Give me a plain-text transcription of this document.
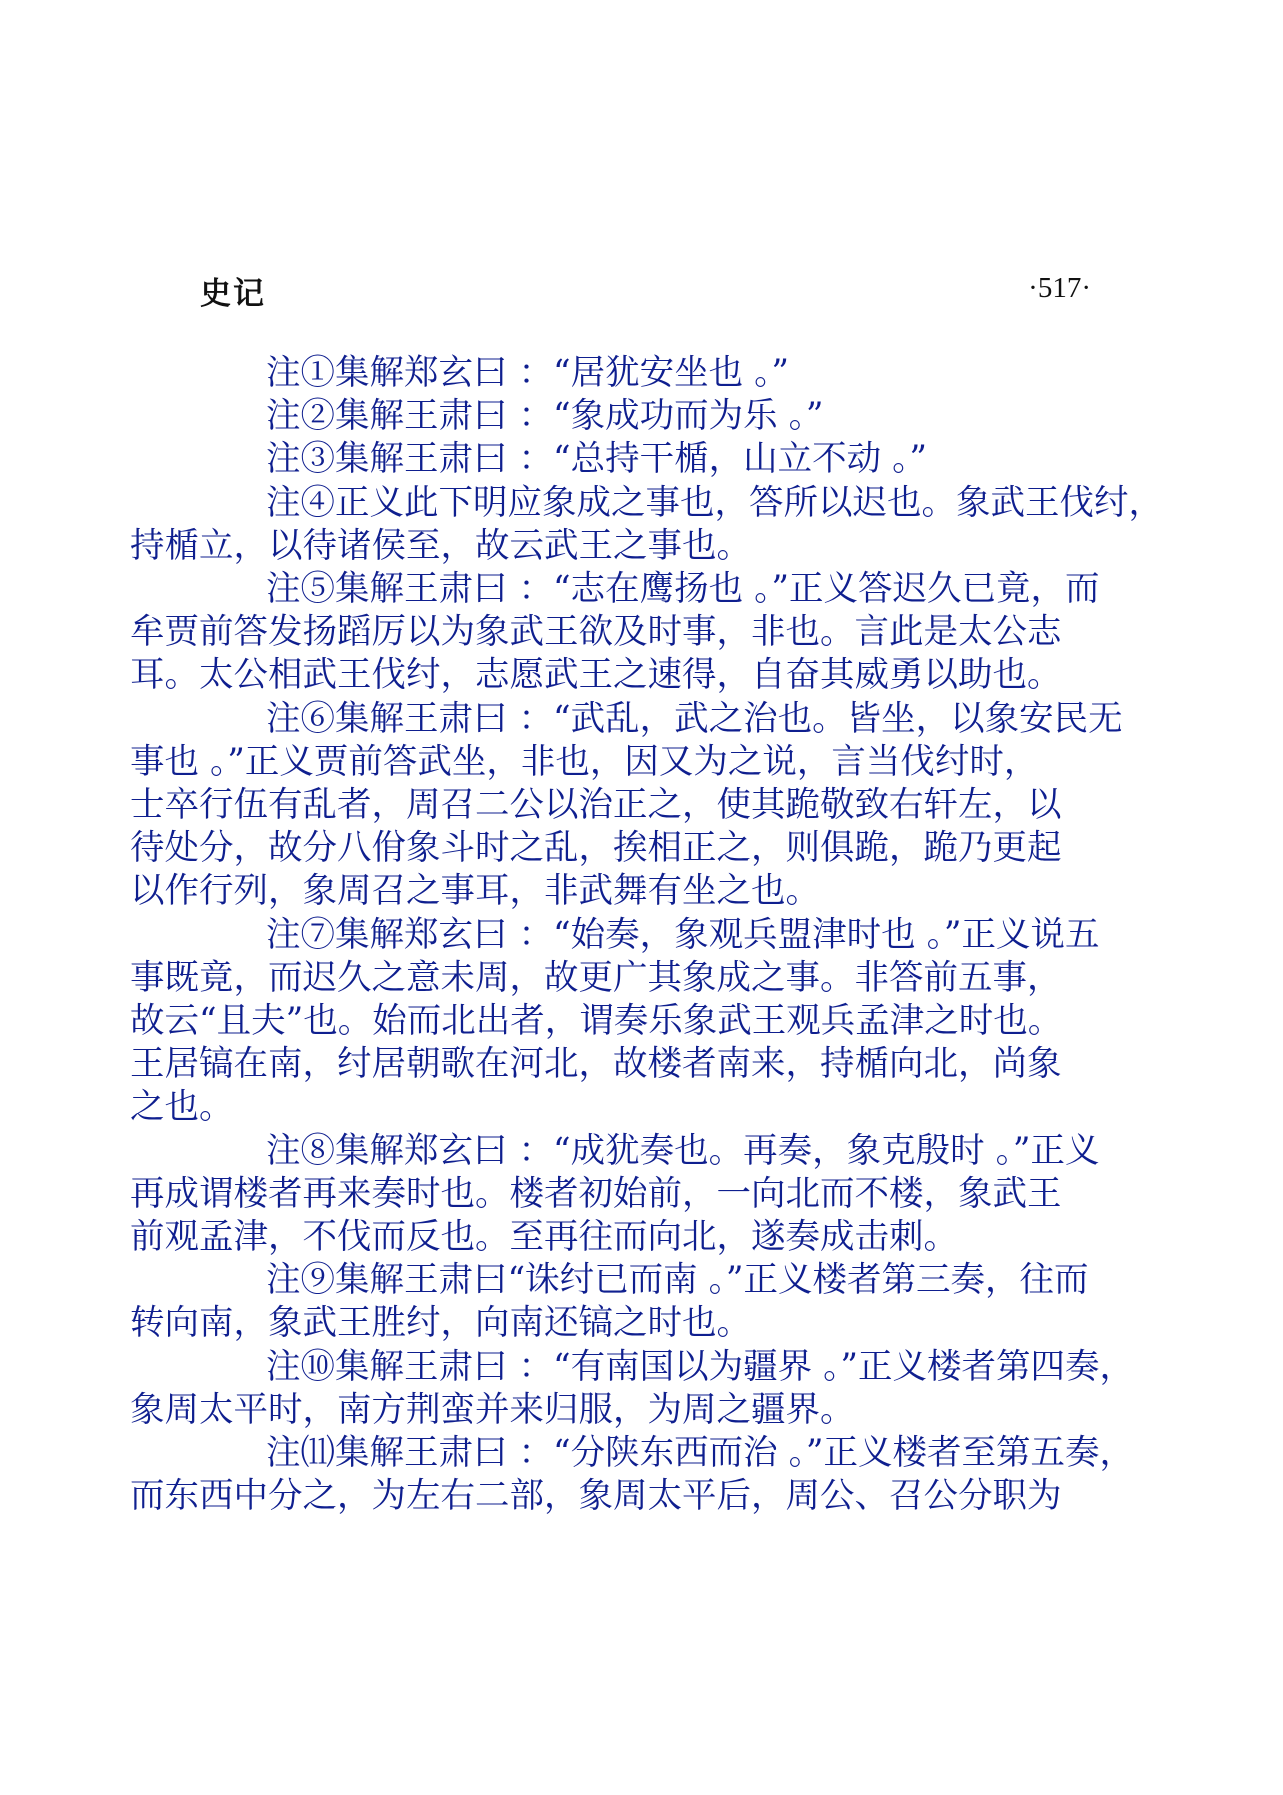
史记	·517·

注①集解郑玄曰 ：“居犹安坐也 。”

注②集解王肃曰 ：“象成功而为乐 。”

注③集解王肃曰 ：“总持干楯，山立不动 。”

注④正义此下明应象成之事也，答所以迟也。象武王伐纣，
持楯立，以待诸侯至，故云武王之事也。

注⑤集解王肃曰 ：“志在鹰扬也 。”正义答迟久已竟，而
牟贾前答发扬蹈厉以为象武王欲及时事，非也。言此是太公志
耳。太公相武王伐纣，志愿武王之速得，自奋其威勇以助也。

注⑥集解王肃曰 ：“武乱，武之治也。皆坐，以象安民无
事也 。”正义贾前答武坐，非也，因又为之说，言当伐纣时，
士卒行伍有乱者，周召二公以治正之，使其跪敬致右轩左，以
待处分，故分八佾象斗时之乱，挨相正之，则俱跪，跪乃更起
以作行列，象周召之事耳，非武舞有坐之也。

注⑦集解郑玄曰 ：“始奏，象观兵盟津时也 。”正义说五
事既竟，而迟久之意未周，故更广其象成之事。非答前五事，
故云“且夫”也。始而北出者，谓奏乐象武王观兵孟津之时也。
王居镐在南，纣居朝歌在河北，故楼者南来，持楯向北，尚象
之也。

注⑧集解郑玄曰 ：“成犹奏也。再奏，象克殷时 。”正义
再成谓楼者再来奏时也。楼者初始前，一向北而不楼，象武王
前观孟津，不伐而反也。至再往而向北，遂奏成击刺。

注⑨集解王肃曰“诛纣已而南 。”正义楼者第三奏，往而
转向南，象武王胜纣，向南还镐之时也。

注⑩集解王肃曰 ：“有南国以为疆界 。”正义楼者第四奏，
象周太平时，南方荆蛮并来归服，为周之疆界。

注⑾集解王肃曰 ：“分陕东西而治 。”正义楼者至第五奏，
而东西中分之，为左右二部，象周太平后，周公、召公分职为
